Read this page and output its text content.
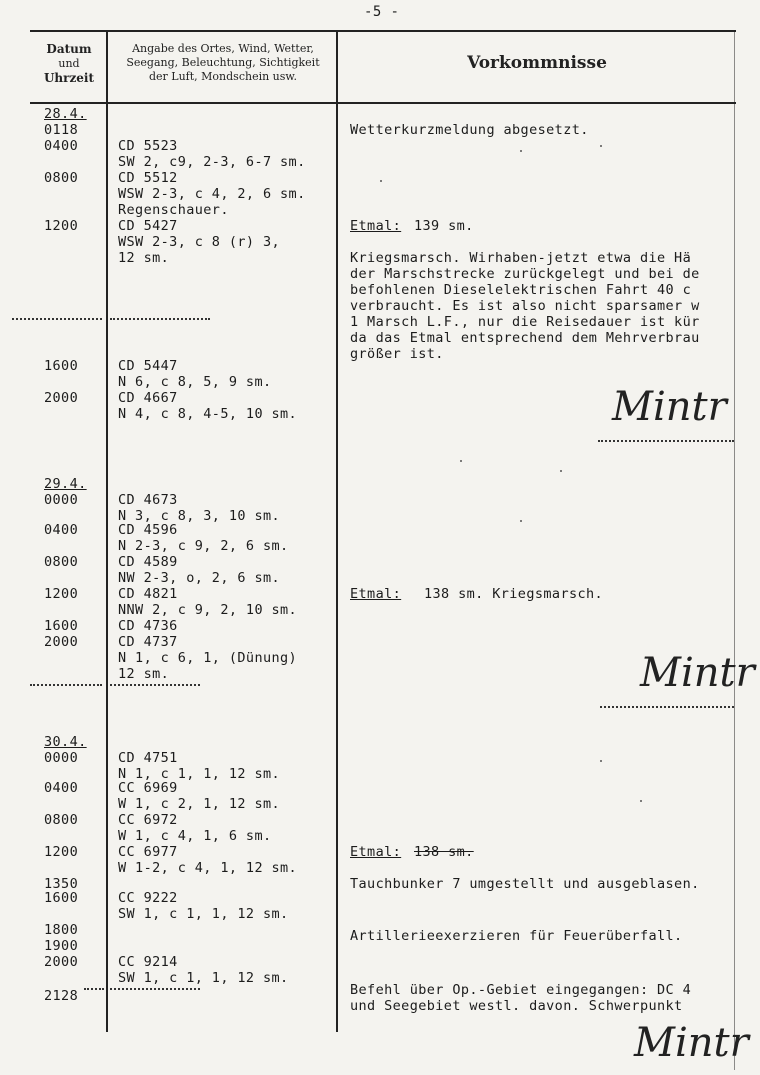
-5 -
Datum
und
Uhrzeit
Angabe des Ortes, Wind, Wetter,
Seegang, Beleuchtung, Sichtigkeit
der Luft, Mondschein usw.
Vorkommnisse
28.4.
0118
0400
0800
1200
1600
2000
CD 5523
SW 2, c9, 2-3, 6-7 sm.
CD 5512
WSW 2-3, c 4, 2, 6 sm.
Regenschauer.
CD 5427
WSW 2-3, c 8 (r) 3,
12 sm.
CD 5447
N 6, c 8, 5, 9 sm.
CD 4667
N 4, c 8, 4-5, 10 sm.
Wetterkurzmeldung abgesetzt.
Etmal: 139 sm.
Kriegsmarsch. Wirhaben-jetzt etwa die Hä
der Marschstrecke zurückgelegt und bei de
befohlenen Dieselelektrischen Fahrt 40 c
verbraucht. Es ist also nicht sparsamer w
1 Marsch L.F., nur die Reisedauer ist kür
da das Etmal entsprechend dem Mehrverbrau
größer ist.
Mintr
29.4.
0000
0400
0800
1200
1600
2000
CD 4673
N 3, c 8, 3, 10 sm.
CD 4596
N 2-3, c 9, 2, 6 sm.
CD 4589
NW 2-3, o, 2, 6 sm.
CD 4821
NNW 2, c 9, 2, 10 sm.
CD 4736
CD 4737
N 1, c 6, 1, (Dünung)
12 sm.
Etmal: 138 sm. Kriegsmarsch.
Mintr
30.4.
0000
0400
0800
1200
1350
1600
1800
1900
2000
2128
CD 4751
N 1, c 1, 1, 12 sm.
CC 6969
W 1, c 2, 1, 12 sm.
CC 6972
W 1, c 4, 1, 6 sm.
CC 6977
W 1-2, c 4, 1, 12 sm.
CC 9222
SW 1, c 1, 1, 12 sm.
CC 9214
SW 1, c 1, 1, 12 sm.
Etmal: 138 sm.
Tauchbunker 7 umgestellt und ausgeblasen.
Artillerieexerzieren für Feuerüberfall.
Befehl über Op.-Gebiet eingegangen: DC 4
und Seegebiet westl. davon. Schwerpunkt
Mintr
